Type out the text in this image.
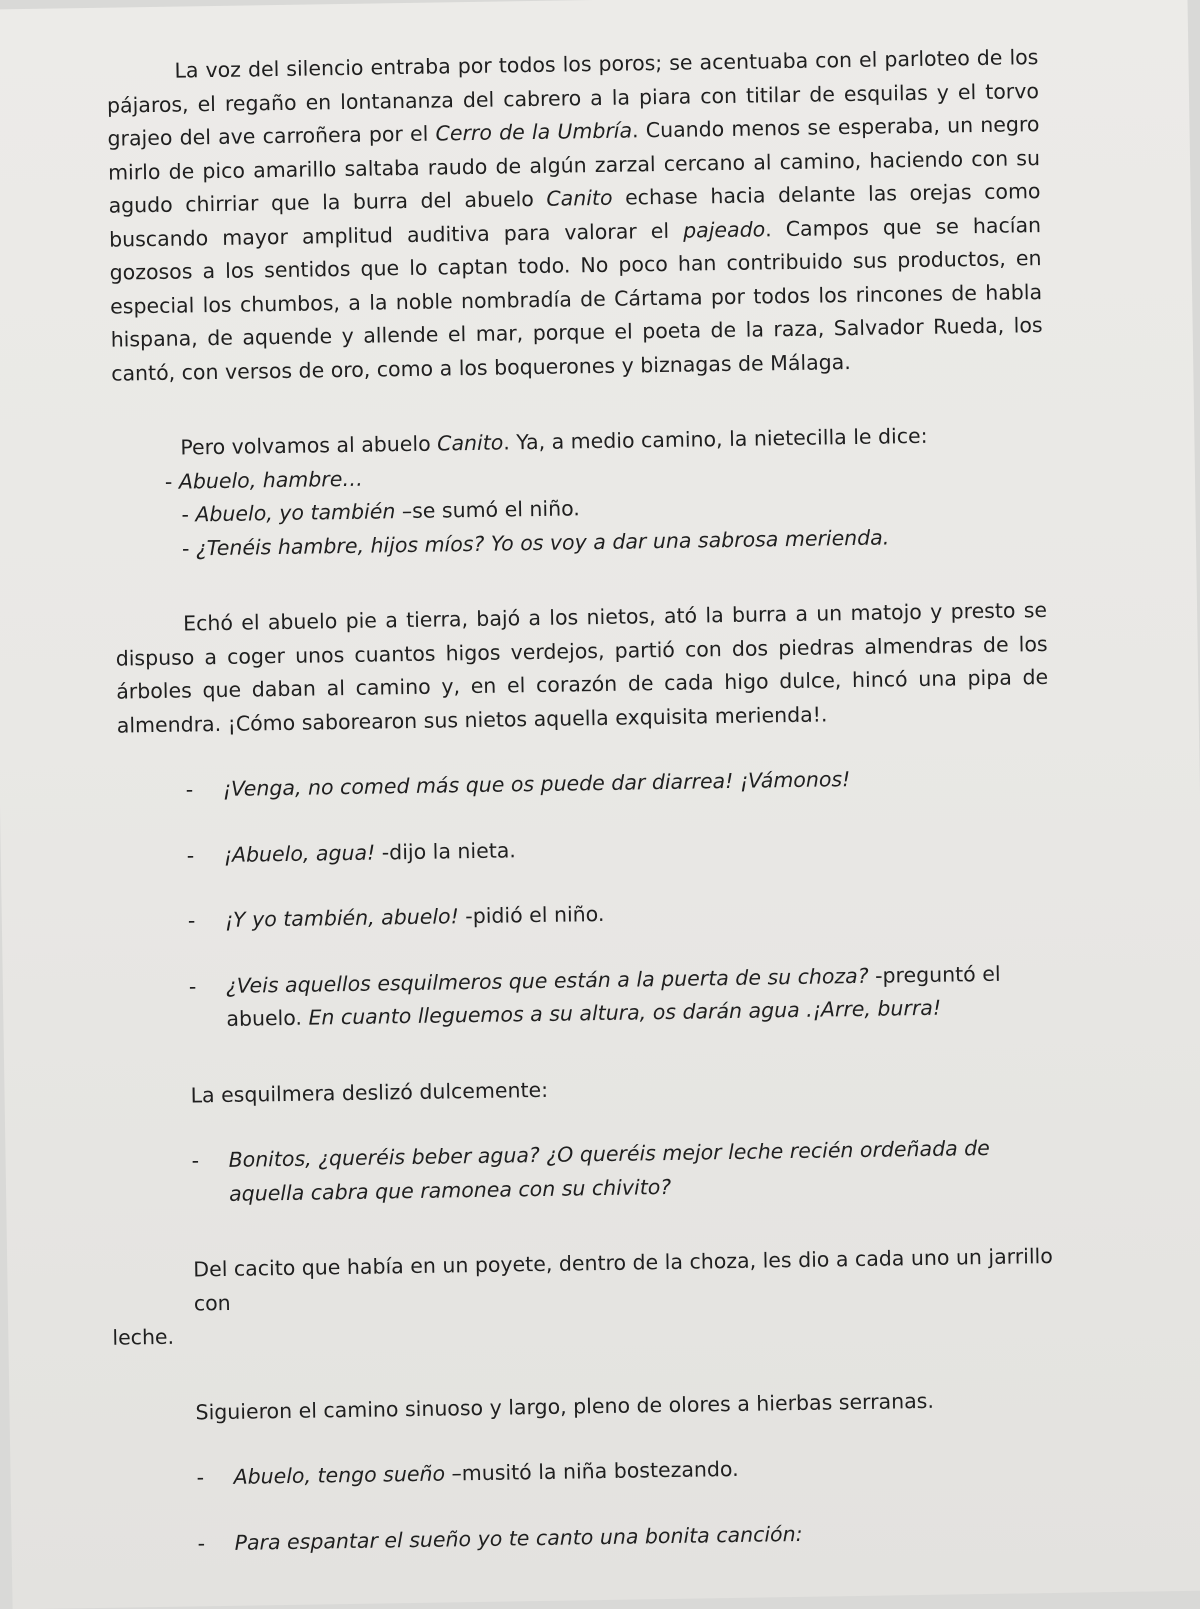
La voz del silencio entraba por todos los poros; se acentuaba con el parloteo de los pájaros, el regaño en lontananza del cabrero a la piara con titilar de esquilas y el torvo grajeo del ave carroñera por el Cerro de la Umbría. Cuando menos se esperaba, un negro mirlo de pico amarillo saltaba raudo de algún zarzal cercano al camino, haciendo con su agudo chirriar que la burra del abuelo Canito echase hacia delante las orejas como buscando mayor amplitud auditiva para valorar el pajeado. Campos que se hacían gozosos a los sentidos que lo captan todo. No poco han contribuido sus productos, en especial los chumbos, a la noble nombradía de Cártama por todos los rincones de habla hispana, de aquende y allende el mar, porque el poeta de la raza, Salvador Rueda, los cantó, con versos de oro, como a los boquerones y biznagas de Málaga.

Pero volvamos al abuelo Canito. Ya, a medio camino, la nietecilla le dice:

- Abuelo, hambre…

- Abuelo, yo también –se sumó el niño.

- ¿Tenéis hambre, hijos míos? Yo os voy a dar una sabrosa merienda.

Echó el abuelo pie a tierra, bajó a los nietos, ató la burra a un matojo y presto se dispuso a coger unos cuantos higos verdejos, partió con dos piedras almendras de los árboles que daban al camino y, en el corazón de cada higo dulce, hincó una pipa de almendra. ¡Cómo saborearon sus nietos aquella exquisita merienda!.

-	¡Venga, no comed más que os puede dar diarrea! ¡Vámonos!

-	¡Abuelo, agua! -dijo la nieta.

-	¡Y yo también, abuelo! -pidió el niño.

-	¿Veis aquellos esquilmeros que están a la puerta de su choza? -preguntó el abuelo. En cuanto lleguemos a su altura, os darán agua .¡Arre, burra!

La esquilmera deslizó dulcemente:

-	Bonitos, ¿queréis beber agua? ¿O queréis mejor leche recién ordeñada de aquella cabra que ramonea con su chivito?

Del cacito que había en un poyete, dentro de la choza, les dio a cada uno un jarrillo con

leche.

Siguieron el camino sinuoso y largo, pleno de olores a hierbas serranas.

-	Abuelo, tengo sueño –musitó la niña bostezando.

-	Para espantar el sueño yo te canto una bonita canción:
